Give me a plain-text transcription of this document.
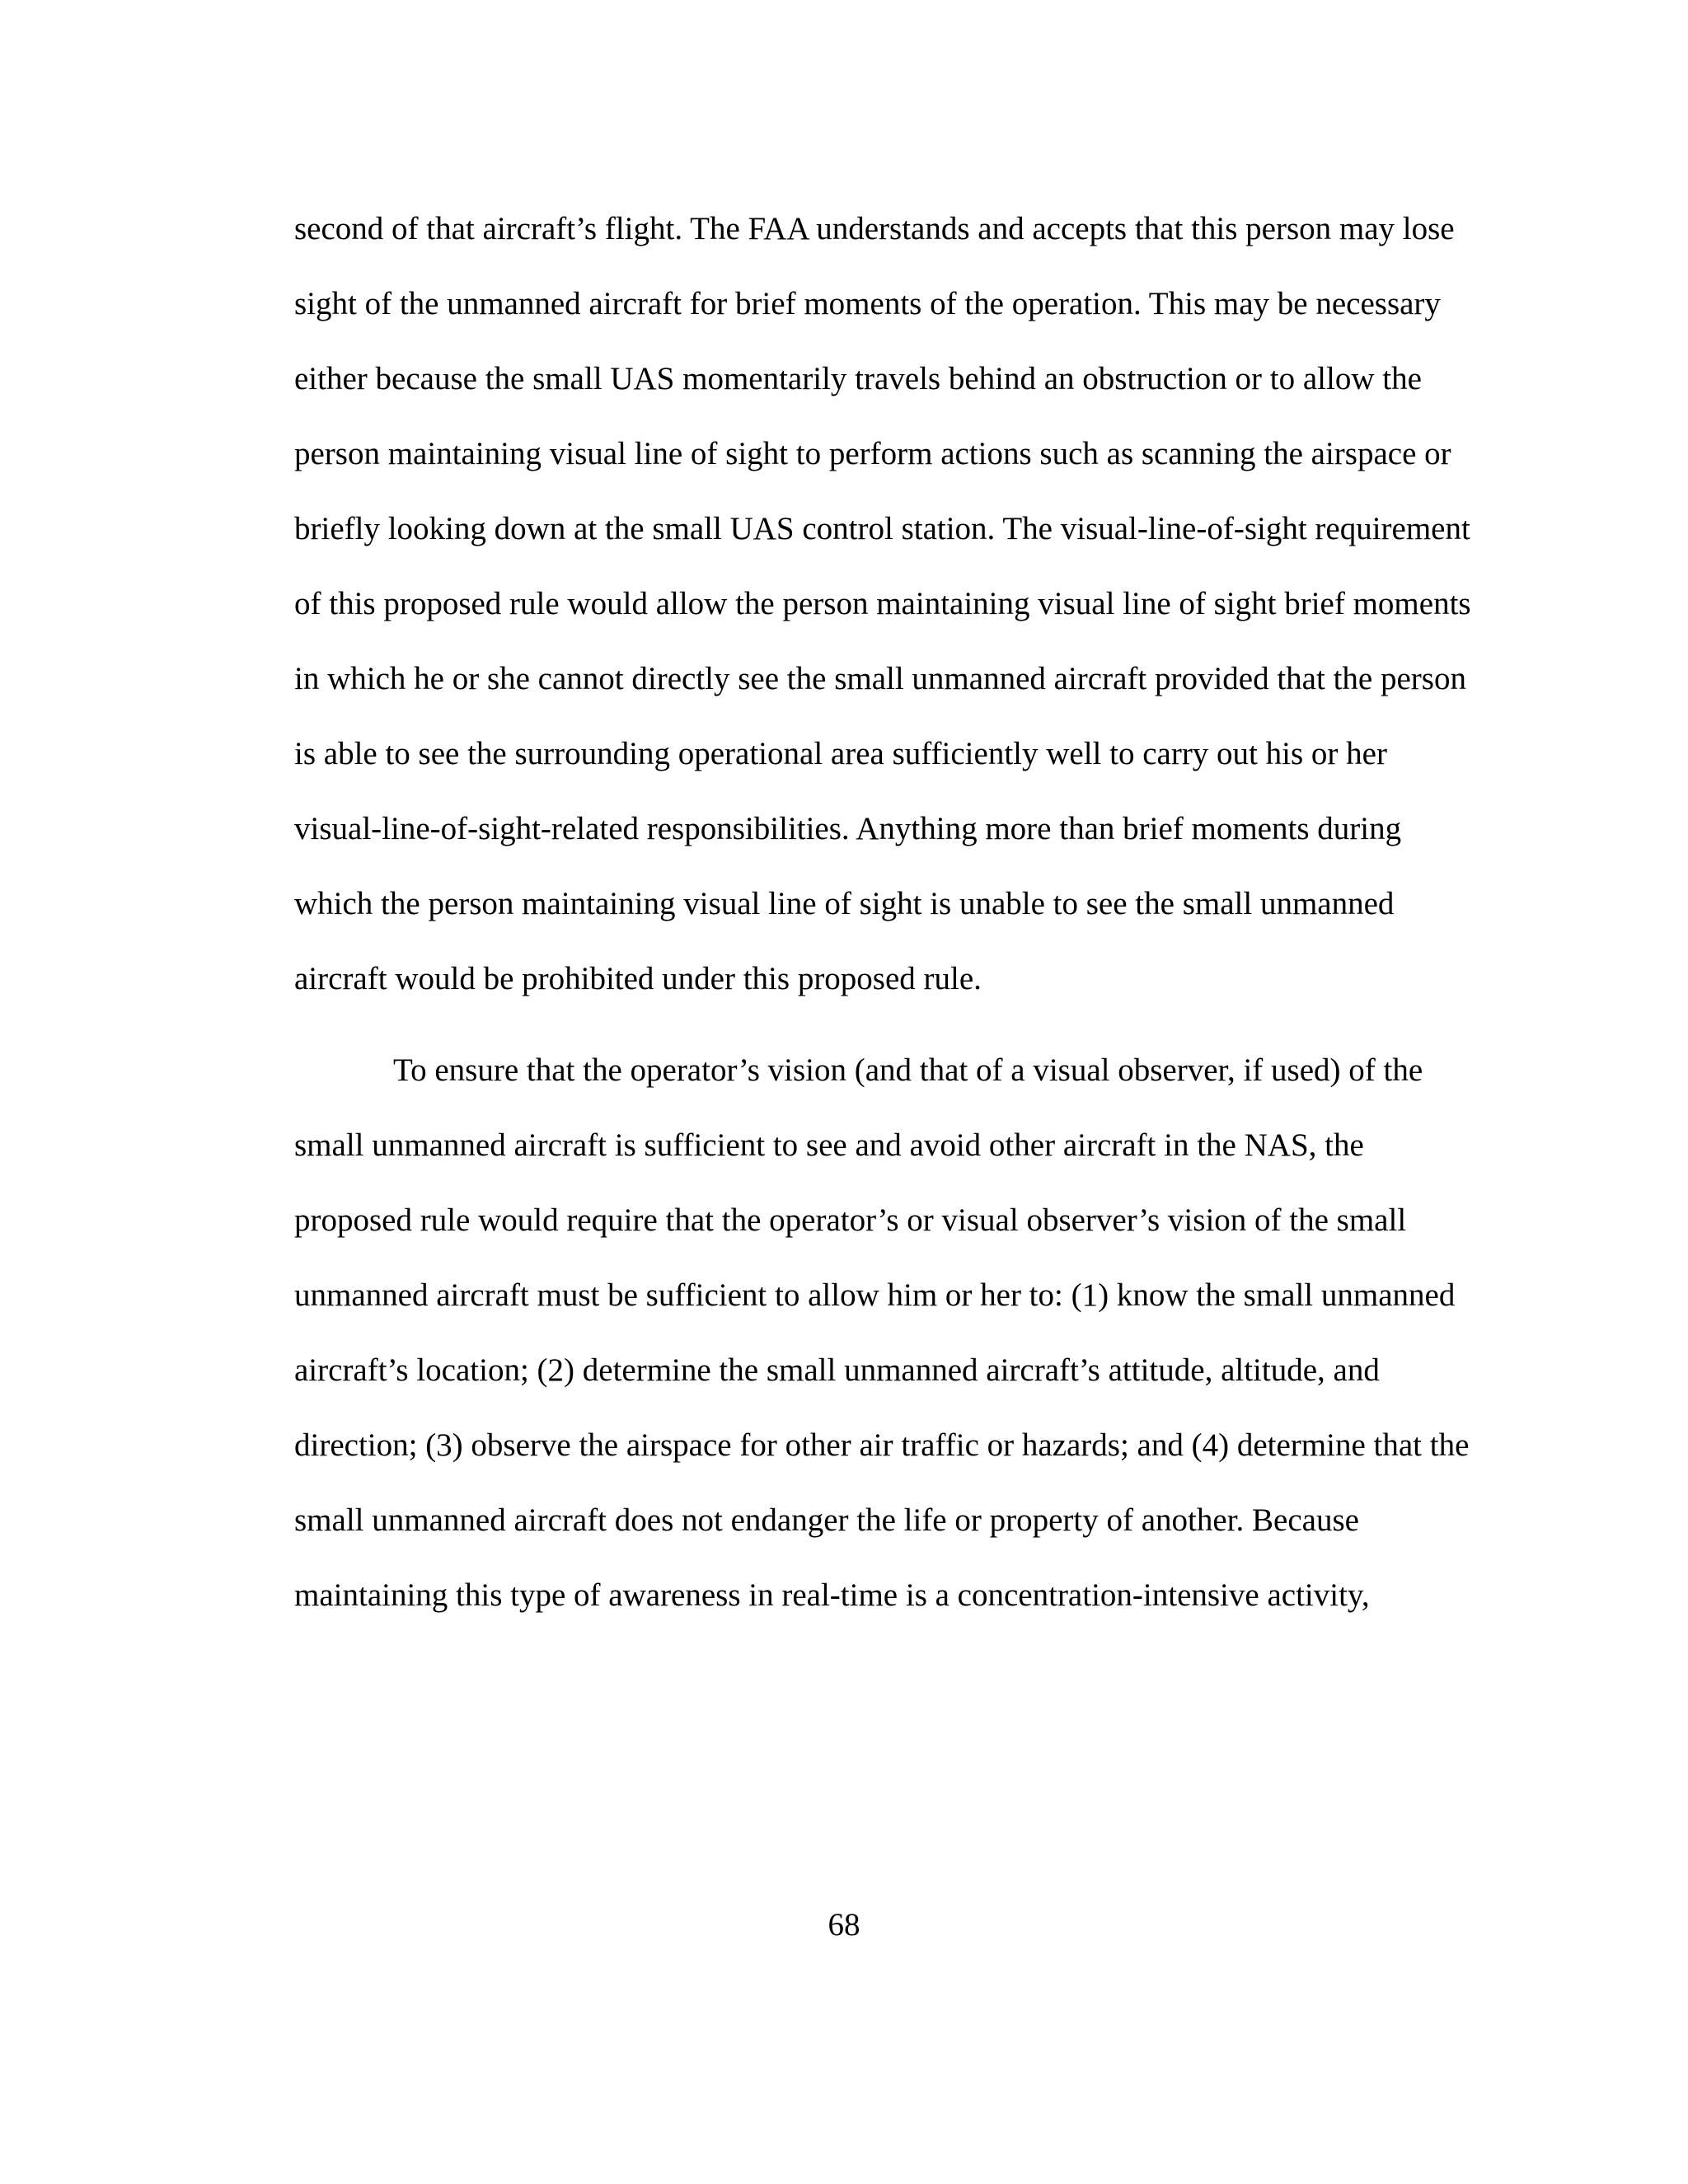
second of that aircraft’s flight. The FAA understands and accepts that this person may lose
sight of the unmanned aircraft for brief moments of the operation. This may be necessary
either because the small UAS momentarily travels behind an obstruction or to allow the
person maintaining visual line of sight to perform actions such as scanning the airspace or
briefly looking down at the small UAS control station. The visual-line-of-sight requirement
of this proposed rule would allow the person maintaining visual line of sight brief moments
in which he or she cannot directly see the small unmanned aircraft provided that the person
is able to see the surrounding operational area sufficiently well to carry out his or her
visual-line-of-sight-related responsibilities. Anything more than brief moments during
which the person maintaining visual line of sight is unable to see the small unmanned
aircraft would be prohibited under this proposed rule.
To ensure that the operator’s vision (and that of a visual observer, if used) of the
small unmanned aircraft is sufficient to see and avoid other aircraft in the NAS, the
proposed rule would require that the operator’s or visual observer’s vision of the small
unmanned aircraft must be sufficient to allow him or her to: (1) know the small unmanned
aircraft’s location; (2) determine the small unmanned aircraft’s attitude, altitude, and
direction; (3) observe the airspace for other air traffic or hazards; and (4) determine that the
small unmanned aircraft does not endanger the life or property of another. Because
maintaining this type of awareness in real-time is a concentration-intensive activity,
68
